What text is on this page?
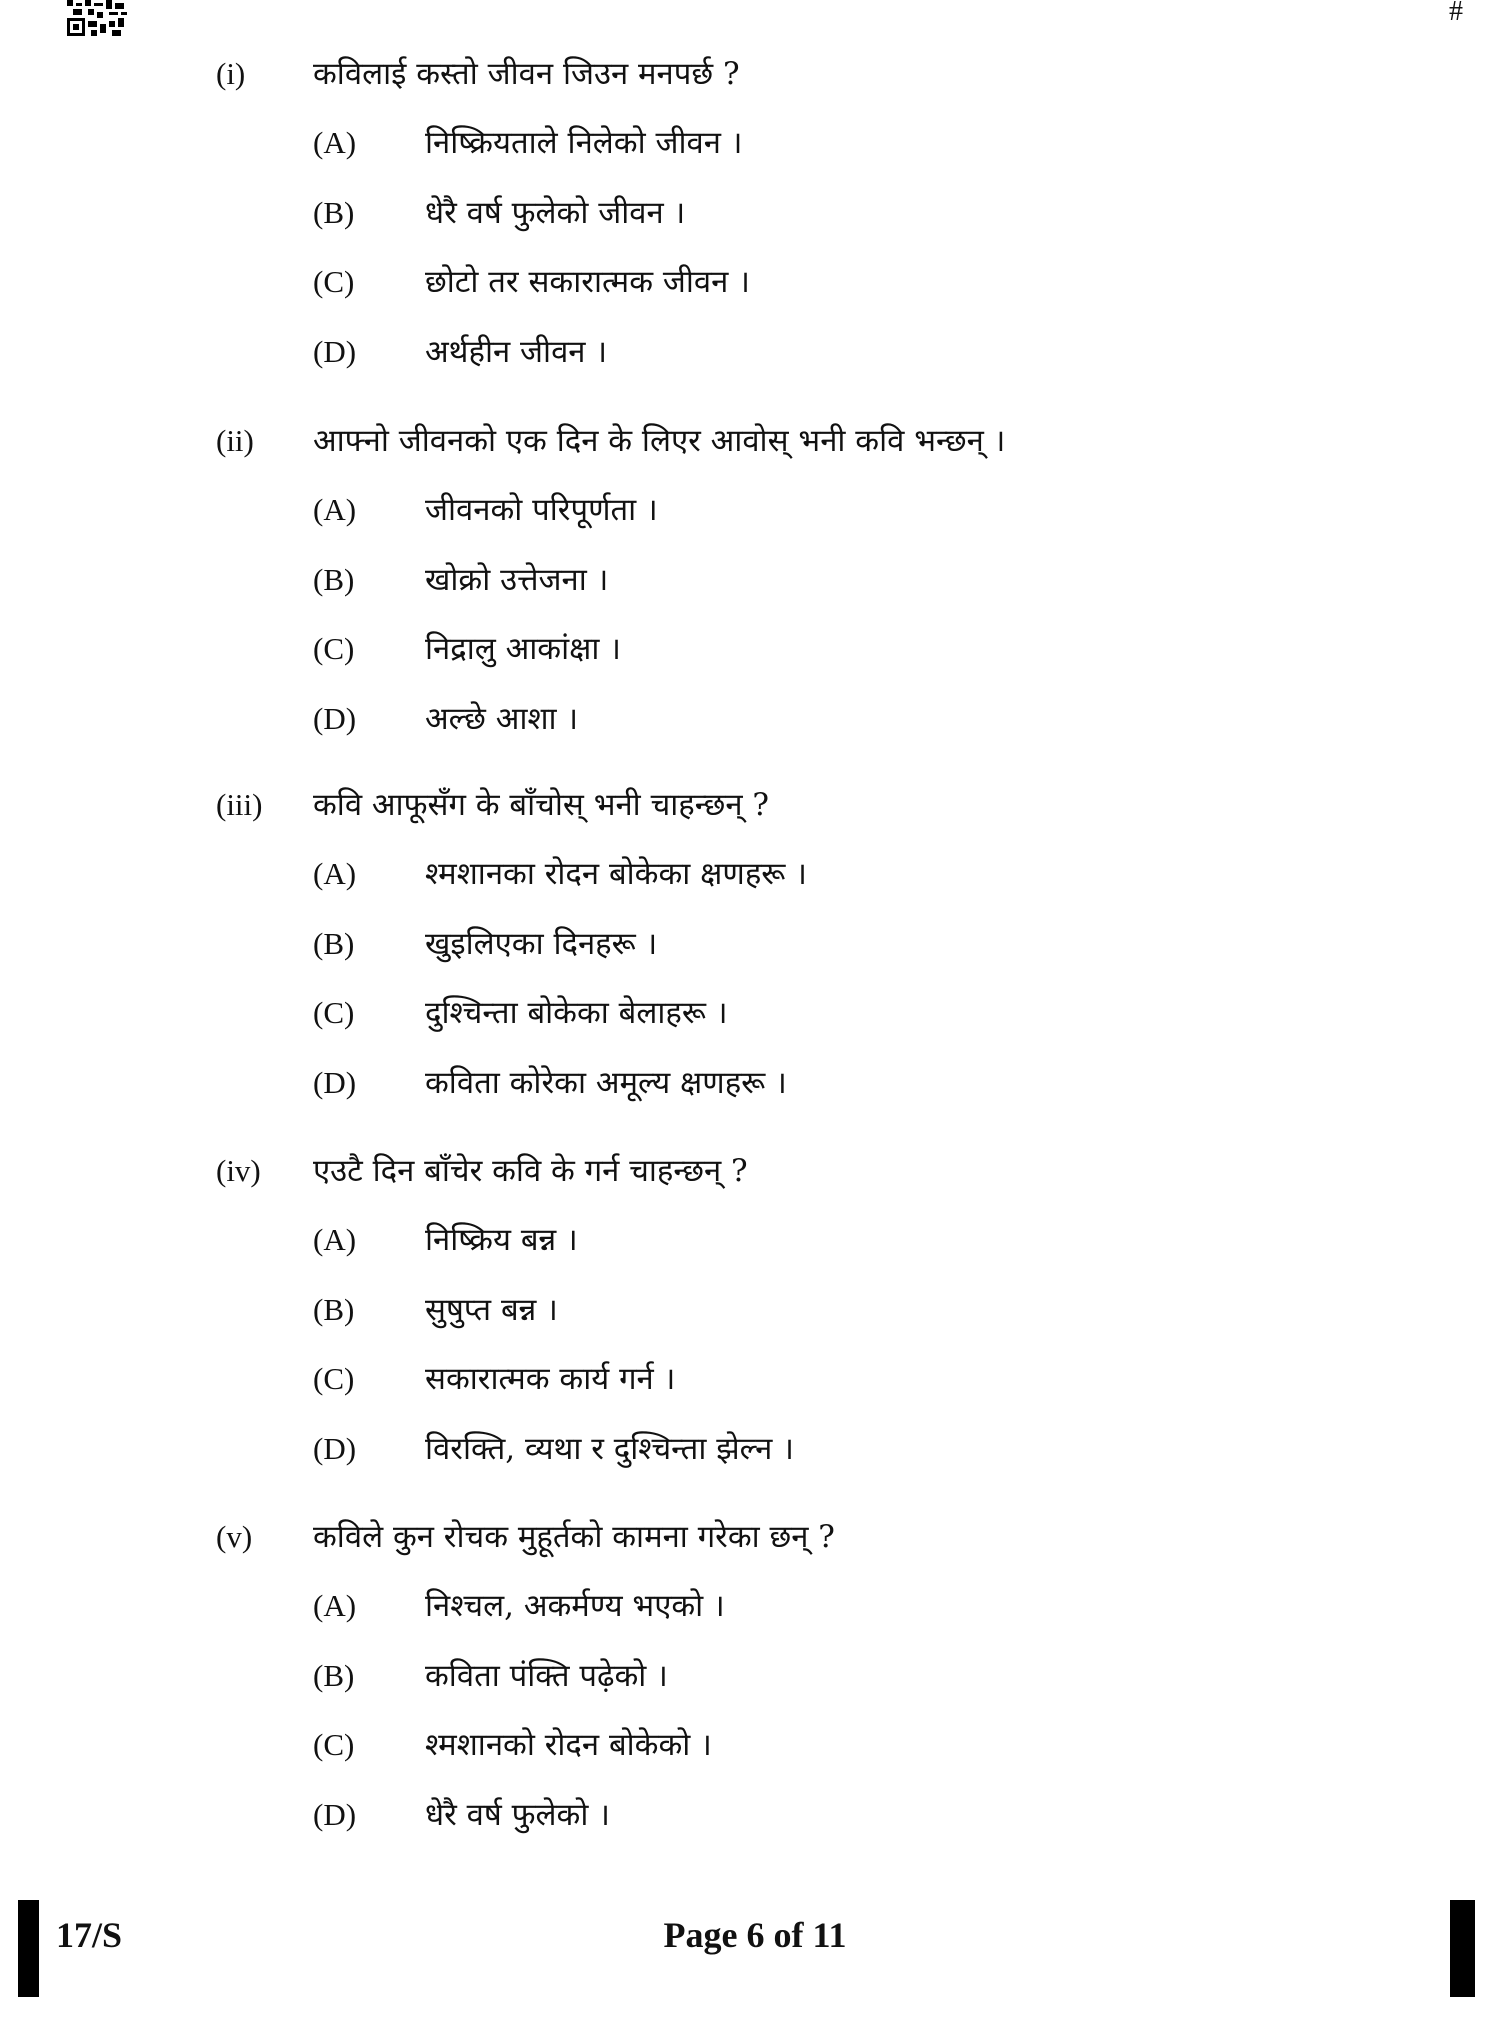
#
(i) कविलाई कस्तो जीवन जिउन मनपर्छ ?
(A) निष्क्रियताले निलेको जीवन ।
(B) धेरै वर्ष फुलेको जीवन ।
(C) छोटो तर सकारात्मक जीवन ।
(D) अर्थहीन जीवन ।
(ii) आफ्नो जीवनको एक दिन के लिएर आवोस् भनी कवि भन्छन् ।
(A) जीवनको परिपूर्णता ।
(B) खोक्रो उत्तेजना ।
(C) निद्रालु आकांक्षा ।
(D) अल्छे आशा ।
(iii) कवि आफूसँग के बाँचोस् भनी चाहन्छन् ?
(A) श्मशानका रोदन बोकेका क्षणहरू ।
(B) खुइलिएका दिनहरू ।
(C) दुश्चिन्ता बोकेका बेलाहरू ।
(D) कविता कोरेका अमूल्य क्षणहरू ।
(iv) एउटै दिन बाँचेर कवि के गर्न चाहन्छन् ?
(A) निष्क्रिय बन्न ।
(B) सुषुप्त बन्न ।
(C) सकारात्मक कार्य गर्न ।
(D) विरक्ति, व्यथा र दुश्चिन्ता झेल्न ।
(v) कविले कुन रोचक मुहूर्तको कामना गरेका छन् ?
(A) निश्चल, अकर्मण्य भएको ।
(B) कविता पंक्ति पढ़ेको ।
(C) श्मशानको रोदन बोकेको ।
(D) धेरै वर्ष फुलेको ।
17/S	Page 6 of 11
